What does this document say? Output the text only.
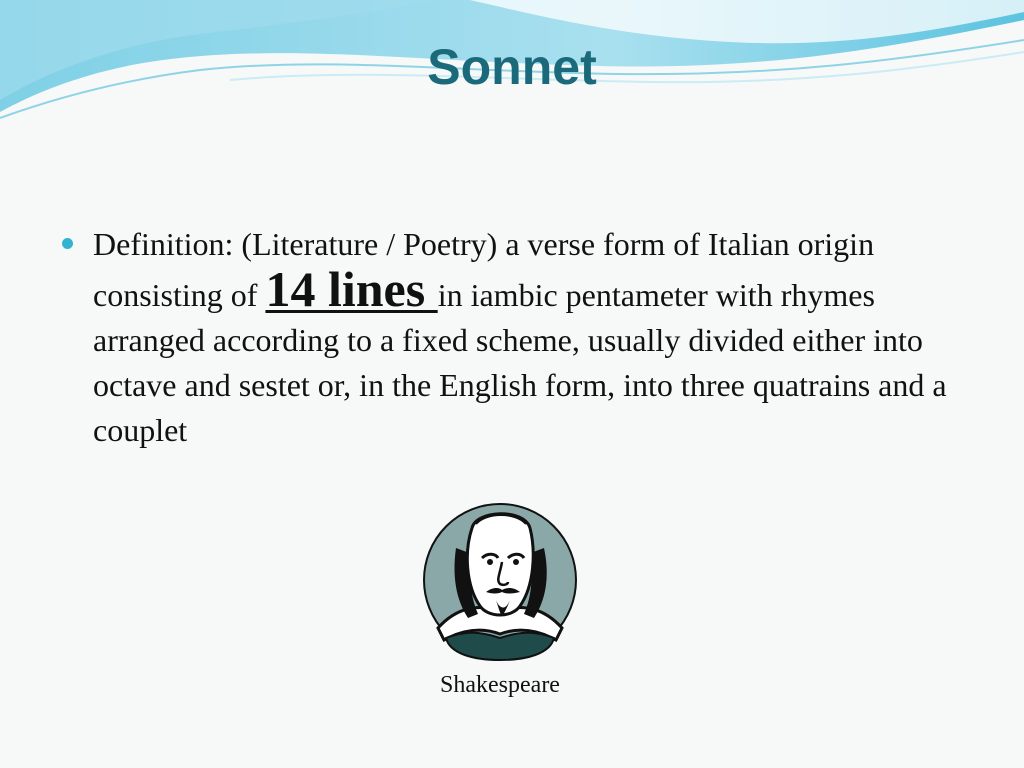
Sonnet

Definition: (Literature / Poetry) a verse form of Italian origin consisting of 14 lines in iambic pentameter with rhymes arranged according to a fixed scheme, usually divided either into octave and sestet or, in the English form, into three quatrains and a couplet

Shakespeare
